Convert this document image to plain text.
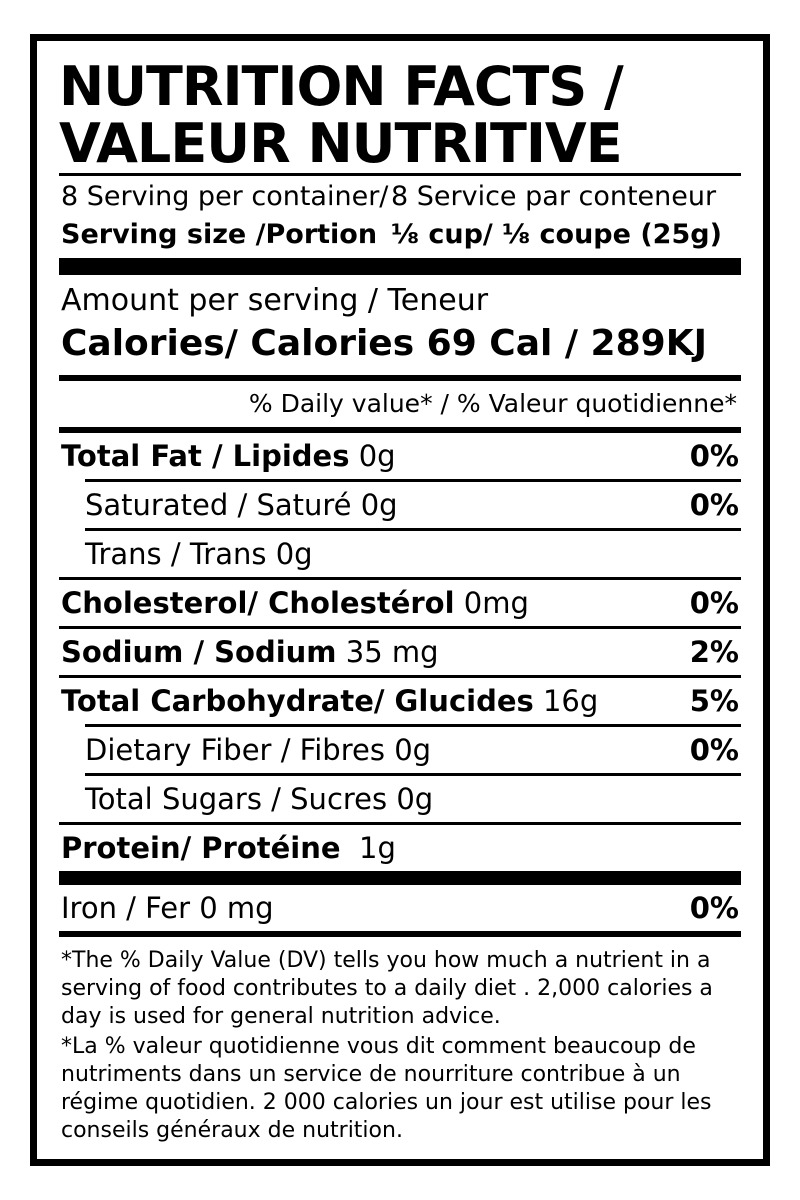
NUTRITION FACTS /
VALEUR NUTRITIVE
8 Serving per container/ 8 Service par conteneur
Serving size /Portion ⅛ cup/ ⅛ coupe (25g)
Amount per serving / Teneur
Calories/ Calories 69 Cal / 289KJ
% Daily value* / % Valeur quotidienne*
Total Fat / Lipides 0g	0%
Saturated / Saturé 0g	0%
Trans / Trans 0g
Cholesterol/ Cholestérol 0mg	0%
Sodium / Sodium 35 mg	2%
Total Carbohydrate/ Glucides 16g	5%
Dietary Fiber / Fibres 0g	0%
Total Sugars / Sucres 0g
Protein/ Protéine 1g
Iron / Fer 0 mg	0%

*The % Daily Value (DV) tells you how much a nutrient in a serving of food contributes to a daily diet . 2,000 calories a day is used for general nutrition advice.

*La % valeur quotidienne vous dit comment beaucoup de nutriments dans un service de nourriture contribue à un régime quotidien. 2 000 calories un jour est utilise pour les conseils généraux de nutrition.
